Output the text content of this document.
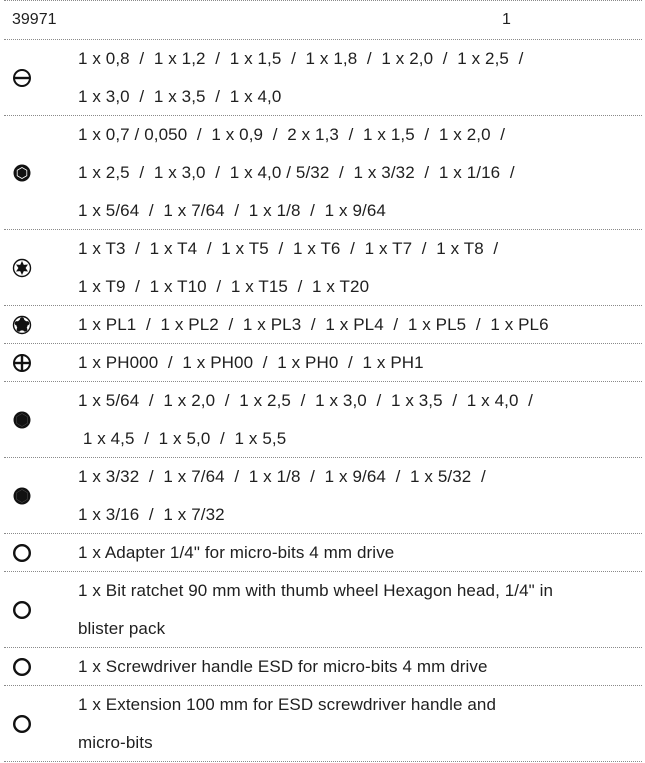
39971	1
1 x 0,8  /  1 x 1,2  /  1 x 1,5  /  1 x 1,8  /  1 x 2,0  /  1 x 2,5  /
1 x 3,0  /  1 x 3,5  /  1 x 4,0
1 x 0,7 / 0,050  /  1 x 0,9  /  2 x 1,3  /  1 x 1,5  /  1 x 2,0  /
1 x 2,5  /  1 x 3,0  /  1 x 4,0 / 5/32  /  1 x 3/32  /  1 x 1/16  /
1 x 5/64  /  1 x 7/64  /  1 x 1/8  /  1 x 9/64
1 x T3  /  1 x T4  /  1 x T5  /  1 x T6  /  1 x T7  /  1 x T8  /
1 x T9  /  1 x T10  /  1 x T15  /  1 x T20
1 x PL1  /  1 x PL2  /  1 x PL3  /  1 x PL4  /  1 x PL5  /  1 x PL6
1 x PH000  /  1 x PH00  /  1 x PH0  /  1 x PH1
1 x 5/64  /  1 x 2,0  /  1 x 2,5  /  1 x 3,0  /  1 x 3,5  /  1 x 4,0  /
1 x 4,5  /  1 x 5,0  /  1 x 5,5
1 x 3/32  /  1 x 7/64  /  1 x 1/8  /  1 x 9/64  /  1 x 5/32  /
1 x 3/16  /  1 x 7/32
1 x Adapter 1/4" for micro-bits 4 mm drive
1 x Bit ratchet 90 mm with thumb wheel Hexagon head, 1/4" in
blister pack
1 x Screwdriver handle ESD for micro-bits 4 mm drive
1 x Extension 100 mm for ESD screwdriver handle and
micro-bits
